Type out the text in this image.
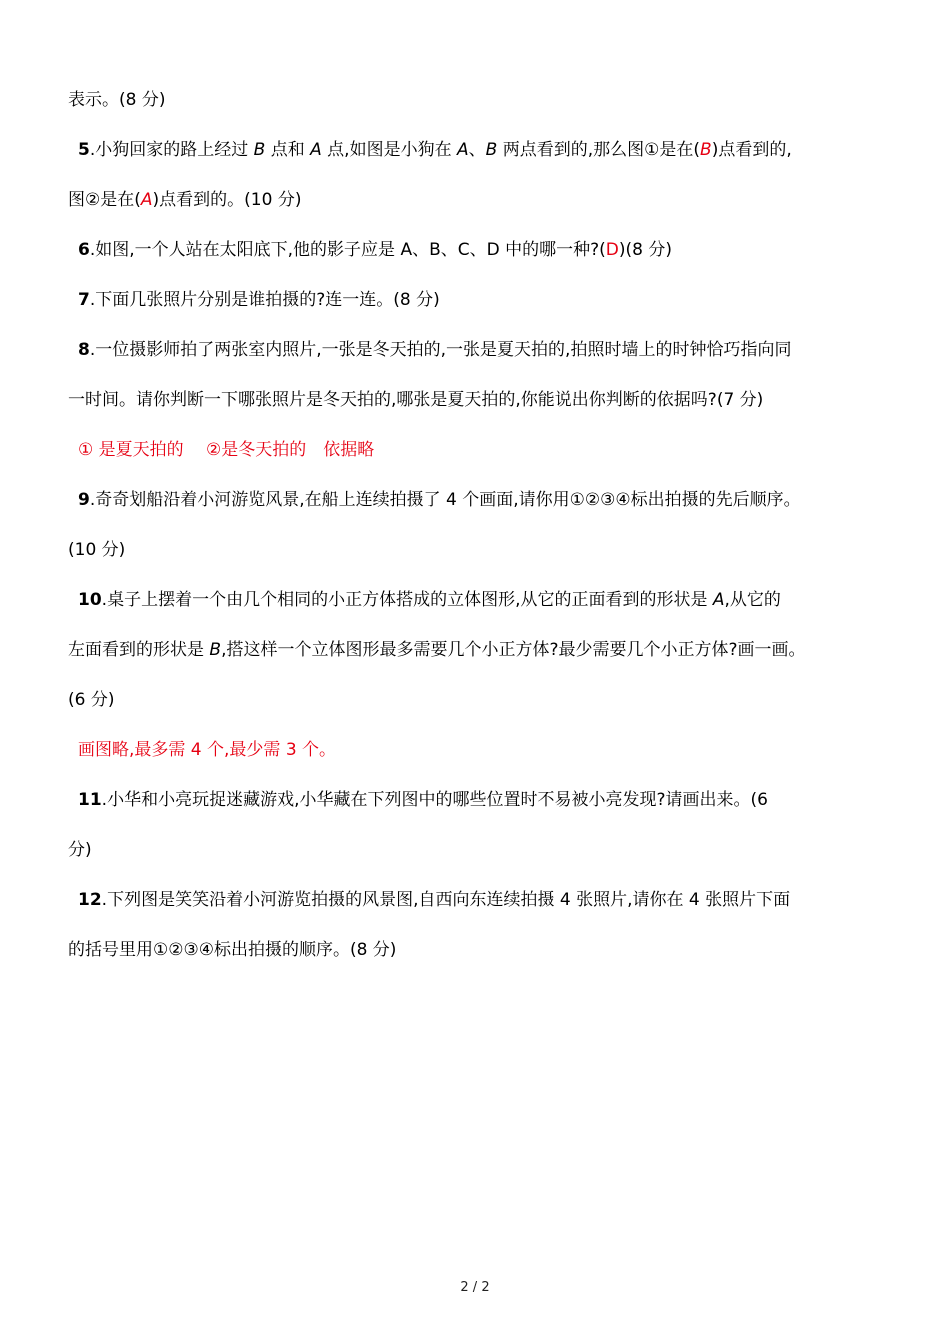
表示。(8 分)
5.小狗回家的路上经过 B 点和 A 点,如图是小狗在 A、B 两点看到的,那么图①是在(B)点看到的,
图②是在(A)点看到的。(10 分)
6.如图,一个人站在太阳底下,他的影子应是 A、B、C、D 中的哪一种?(D)(8 分)
7.下面几张照片分别是谁拍摄的?连一连。(8 分)
8.一位摄影师拍了两张室内照片,一张是冬天拍的,一张是夏天拍的,拍照时墙上的时钟恰巧指向同
一时间。请你判断一下哪张照片是冬天拍的,哪张是夏天拍的,你能说出你判断的依据吗?(7 分)
① 是夏天拍的　 ②是冬天拍的　依据略
9.奇奇划船沿着小河游览风景,在船上连续拍摄了 4 个画面,请你用①②③④标出拍摄的先后顺序。
(10 分)
10.桌子上摆着一个由几个相同的小正方体搭成的立体图形,从它的正面看到的形状是 A,从它的
左面看到的形状是 B,搭这样一个立体图形最多需要几个小正方体?最少需要几个小正方体?画一画。
(6 分)
画图略,最多需 4 个,最少需 3 个。
11.小华和小亮玩捉迷藏游戏,小华藏在下列图中的哪些位置时不易被小亮发现?请画出来。(6
分)
12.下列图是笑笑沿着小河游览拍摄的风景图,自西向东连续拍摄 4 张照片,请你在 4 张照片下面
的括号里用①②③④标出拍摄的顺序。(8 分)
2 / 2
